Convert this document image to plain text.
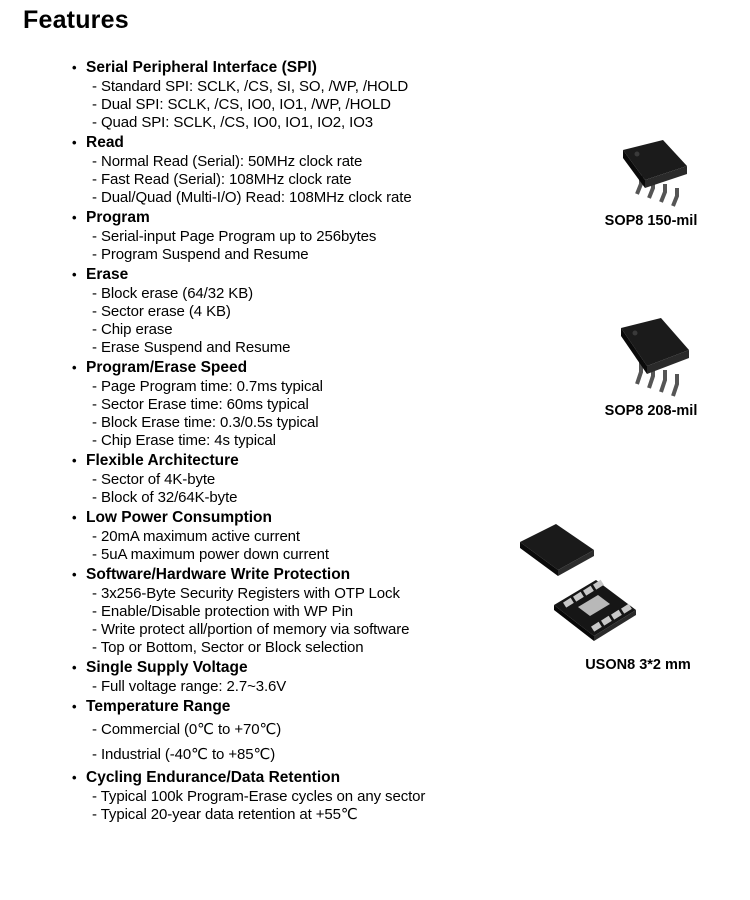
Features
• Serial Peripheral Interface (SPI)
- Standard SPI: SCLK, /CS, SI, SO, /WP, /HOLD
- Dual SPI: SCLK, /CS, IO0, IO1, /WP, /HOLD
- Quad SPI: SCLK, /CS, IO0, IO1, IO2, IO3
• Read
- Normal Read (Serial): 50MHz clock rate
- Fast Read (Serial): 108MHz clock rate
- Dual/Quad (Multi-I/O) Read: 108MHz clock rate
• Program
- Serial-input Page Program up to 256bytes
- Program Suspend and Resume
• Erase
- Block erase (64/32 KB)
- Sector erase (4 KB)
- Chip erase
- Erase Suspend and Resume
• Program/Erase Speed
- Page Program time: 0.7ms typical
- Sector Erase time: 60ms typical
- Block Erase time: 0.3/0.5s typical
- Chip Erase time: 4s typical
• Flexible Architecture
- Sector of 4K-byte
- Block of 32/64K-byte
• Low Power Consumption
- 20mA maximum active current
- 5uA maximum power down current
• Software/Hardware Write Protection
- 3x256-Byte Security Registers with OTP Lock
- Enable/Disable protection with WP Pin
- Write protect all/portion of memory via software
- Top or Bottom, Sector or Block selection
• Single Supply Voltage
- Full voltage range: 2.7~3.6V
• Temperature Range
- Commercial (0℃ to +70℃)
- Industrial (-40℃ to +85℃)
• Cycling Endurance/Data Retention
- Typical 100k Program-Erase cycles on any sector
- Typical 20-year data retention at +55℃
SOP8 150-mil
SOP8 208-mil
USON8 3*2 mm
